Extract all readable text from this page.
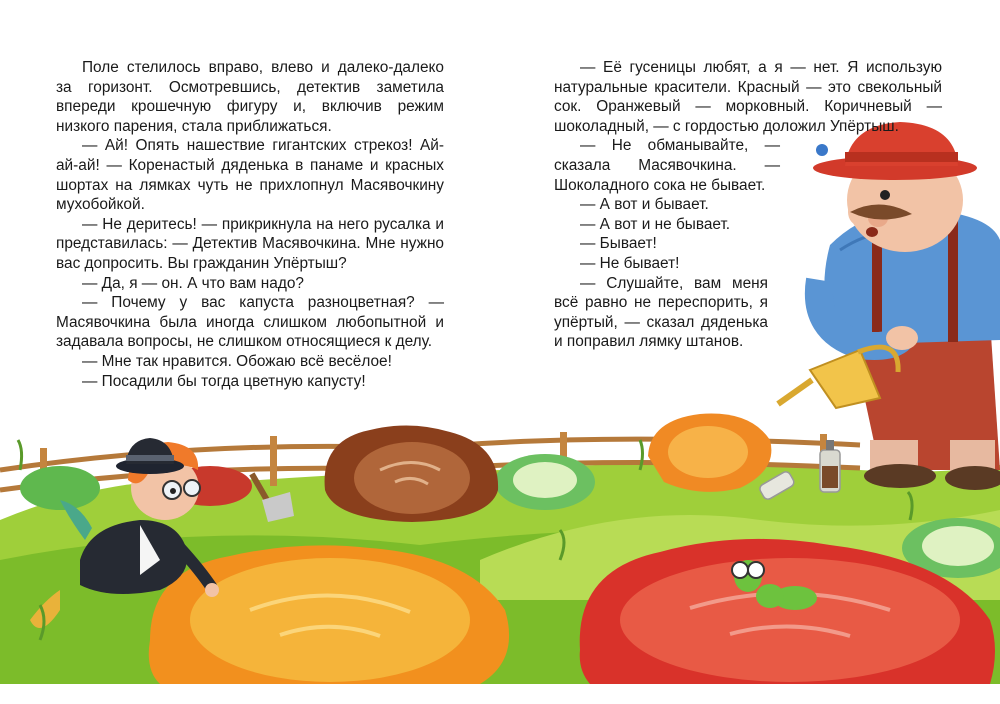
Поле стелилось вправо, влево и далеко-далеко за горизонт. Осмотревшись, детектив заметила впереди крошечную фигуру и, включив режим низкого парения, стала приближаться.

— Ай! Опять нашествие гигантских стрекоз! Ай-ай-ай! — Коренастый дяденька в панаме и красных шортах на лямках чуть не прихлопнул Масявочкину мухобойкой.

— Не деритесь! — прикрикнула на него русалка и представилась: — Детектив Масявочкина. Мне нужно вас допросить. Вы гражданин Упёртыш?

— Да, я — он. А что вам надо?

— Почему у вас капуста разноцветная? — Масявочкина была иногда слишком любопытной и задавала вопросы, не слишком относящиеся к делу.

— Мне так нравится. Обожаю всё весёлое!

— Посадили бы тогда цветную капусту!

— Её гусеницы любят, а я — нет. Я использую натуральные красители. Красный — это свекольный сок. Оранжевый — морковный. Коричневый — шоколадный, — с гордостью доложил Упёртыш.

— Не обманывайте, — сказала Масявочкина. — Шоколадного сока не бывает.

— А вот и бывает.

— А вот и не бывает.

— Бывает!

— Не бывает!

— Слушайте, вам меня всё равно не переспорить, я упёртый, — сказал дяденька и поправил лямку штанов.
